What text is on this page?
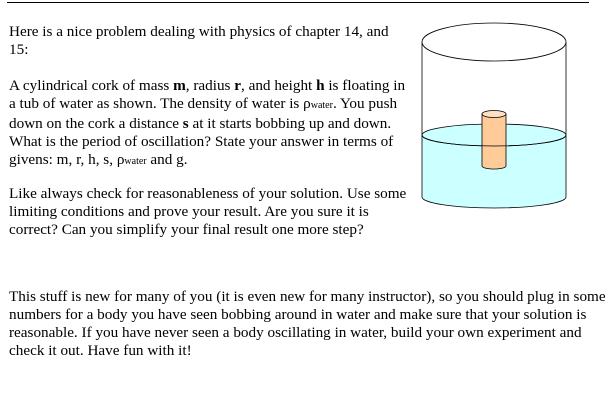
Here is a nice problem dealing with physics of chapter 14, and 15:

A cylindrical cork of mass m, radius r, and height h is floating in a tub of water as shown. The density of water is ρwater. You push down on the cork a distance s at it starts bobbing up and down. What is the period of oscillation? State your answer in terms of givens: m, r, h, s, ρwater and g.

Like always check for reasonableness of your solution. Use some limiting conditions and prove your result. Are you sure it is correct? Can you simplify your final result one more step?

This stuff is new for many of you (it is even new for many instructor), so you should plug in some numbers for a body you have seen bobbing around in water and make sure that your solution is reasonable. If you have never seen a body oscillating in water, build your own experiment and check it out. Have fun with it!
